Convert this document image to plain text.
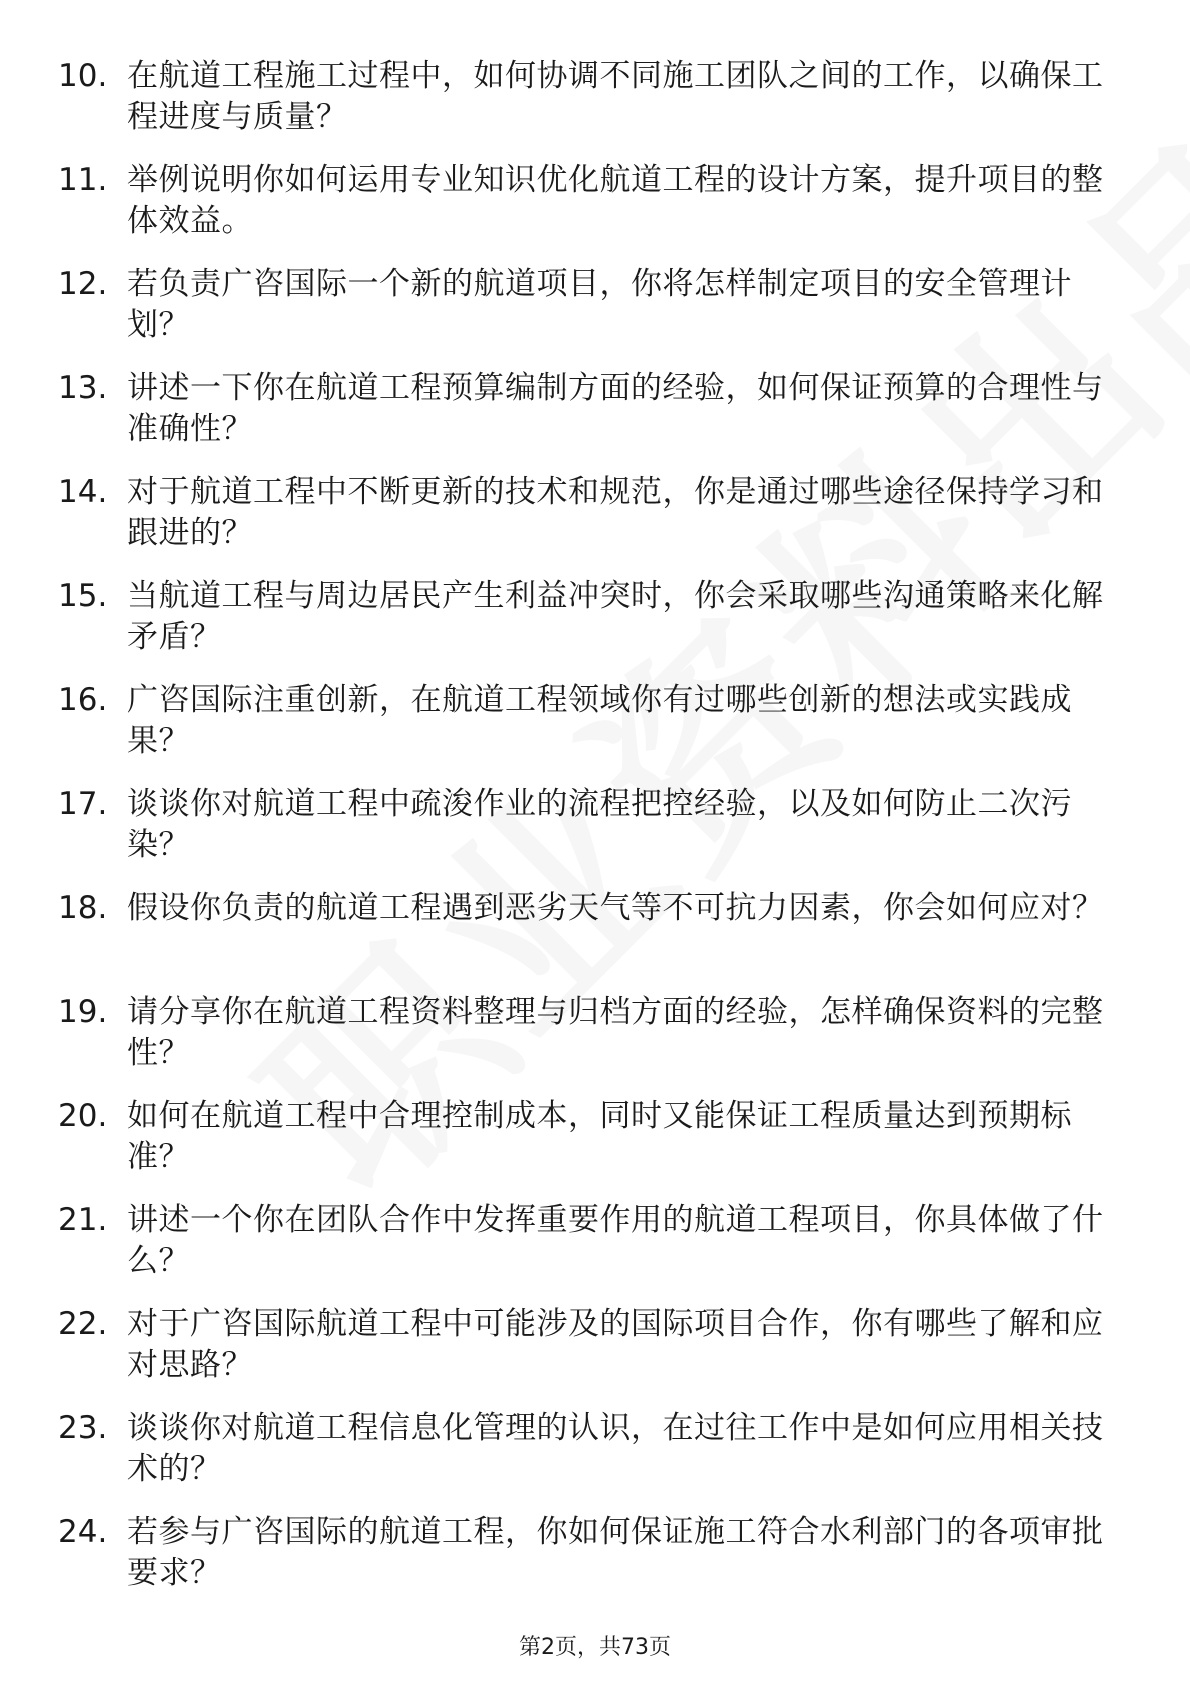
10. 在航道工程施工过程中，如何协调不同施工团队之间的工作，以确保工程进度与质量？
11. 举例说明你如何运用专业知识优化航道工程的设计方案，提升项目的整体效益。
12. 若负责广咨国际一个新的航道项目，你将怎样制定项目的安全管理计划？
13. 讲述一下你在航道工程预算编制方面的经验，如何保证预算的合理性与准确性？
14. 对于航道工程中不断更新的技术和规范，你是通过哪些途径保持学习和跟进的？
15. 当航道工程与周边居民产生利益冲突时，你会采取哪些沟通策略来化解矛盾？
16. 广咨国际注重创新，在航道工程领域你有过哪些创新的想法或实践成果？
17. 谈谈你对航道工程中疏浚作业的流程把控经验，以及如何防止二次污染？
18. 假设你负责的航道工程遇到恶劣天气等不可抗力因素，你会如何应对？
19. 请分享你在航道工程资料整理与归档方面的经验，怎样确保资料的完整性？
20. 如何在航道工程中合理控制成本，同时又能保证工程质量达到预期标准？
21. 讲述一个你在团队合作中发挥重要作用的航道工程项目，你具体做了什么？
22. 对于广咨国际航道工程中可能涉及的国际项目合作，你有哪些了解和应对思路？
23. 谈谈你对航道工程信息化管理的认识，在过往工作中是如何应用相关技术的？
24. 若参与广咨国际的航道工程，你如何保证施工符合水利部门的各项审批要求？
第2页，共73页
